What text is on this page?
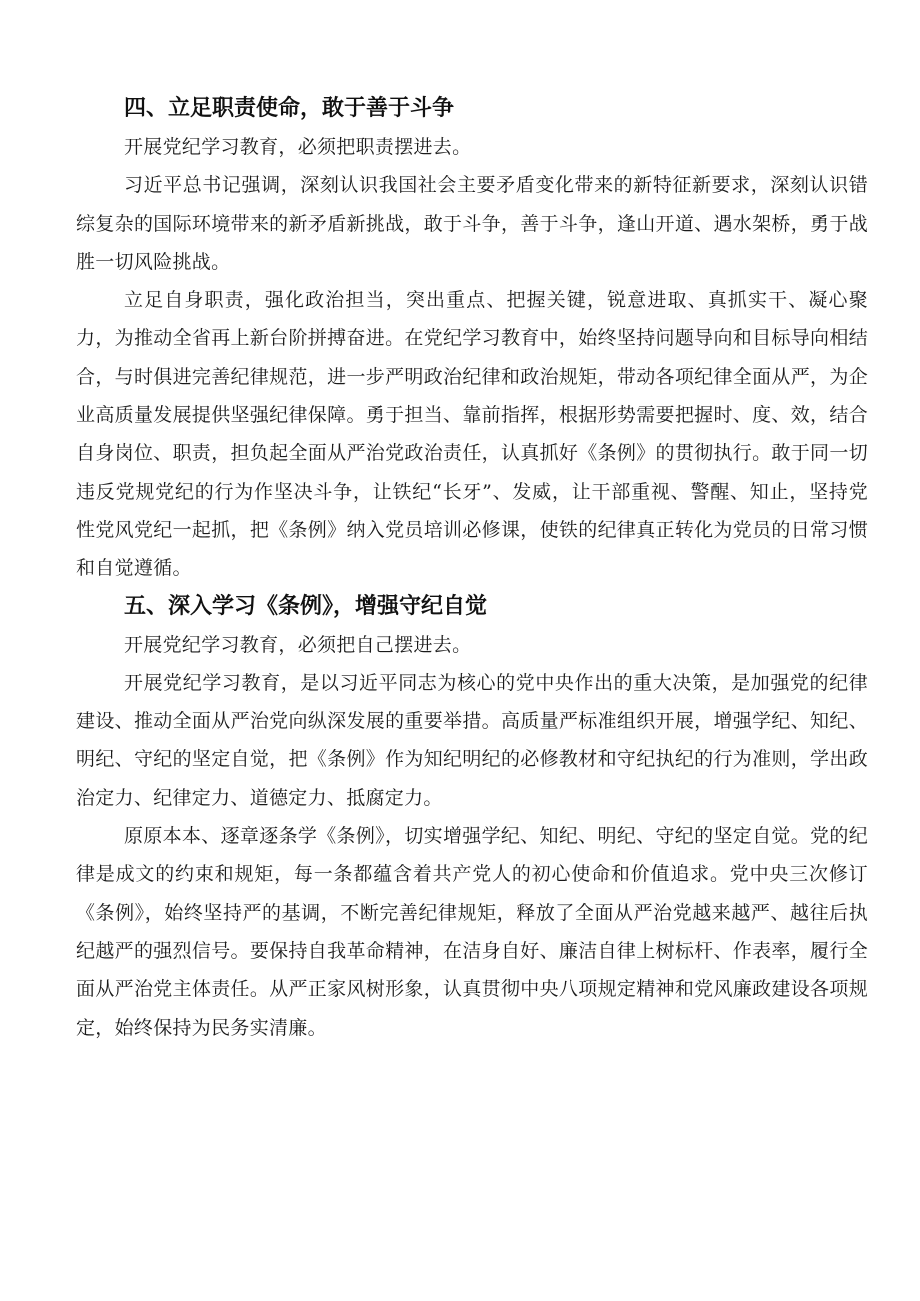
四、立足职责使命，敢于善于斗争

开展党纪学习教育，必须把职责摆进去。

习近平总书记强调，深刻认识我国社会主要矛盾变化带来的新特征新要求，深刻认识错综复杂的国际环境带来的新矛盾新挑战，敢于斗争，善于斗争，逢山开道、遇水架桥，勇于战胜一切风险挑战。

立足自身职责，强化政治担当，突出重点、把握关键，锐意进取、真抓实干、凝心聚力，为推动全省再上新台阶拼搏奋进。在党纪学习教育中，始终坚持问题导向和目标导向相结合，与时俱进完善纪律规范，进一步严明政治纪律和政治规矩，带动各项纪律全面从严，为企业高质量发展提供坚强纪律保障。勇于担当、靠前指挥，根据形势需要把握时、度、效，结合自身岗位、职责，担负起全面从严治党政治责任，认真抓好《条例》的贯彻执行。敢于同一切违反党规党纪的行为作坚决斗争，让铁纪“长牙”、发威，让干部重视、警醒、知止，坚持党性党风党纪一起抓，把《条例》纳入党员培训必修课，使铁的纪律真正转化为党员的日常习惯和自觉遵循。

五、深入学习《条例》，增强守纪自觉

开展党纪学习教育，必须把自己摆进去。

开展党纪学习教育，是以习近平同志为核心的党中央作出的重大决策，是加强党的纪律建设、推动全面从严治党向纵深发展的重要举措。高质量严标准组织开展，增强学纪、知纪、明纪、守纪的坚定自觉，把《条例》作为知纪明纪的必修教材和守纪执纪的行为准则，学出政治定力、纪律定力、道德定力、抵腐定力。

原原本本、逐章逐条学《条例》，切实增强学纪、知纪、明纪、守纪的坚定自觉。党的纪律是成文的约束和规矩，每一条都蕴含着共产党人的初心使命和价值追求。党中央三次修订《条例》，始终坚持严的基调，不断完善纪律规矩，释放了全面从严治党越来越严、越往后执纪越严的强烈信号。要保持自我革命精神，在洁身自好、廉洁自律上树标杆、作表率，履行全面从严治党主体责任。从严正家风树形象，认真贯彻中央八项规定精神和党风廉政建设各项规定，始终保持为民务实清廉。
